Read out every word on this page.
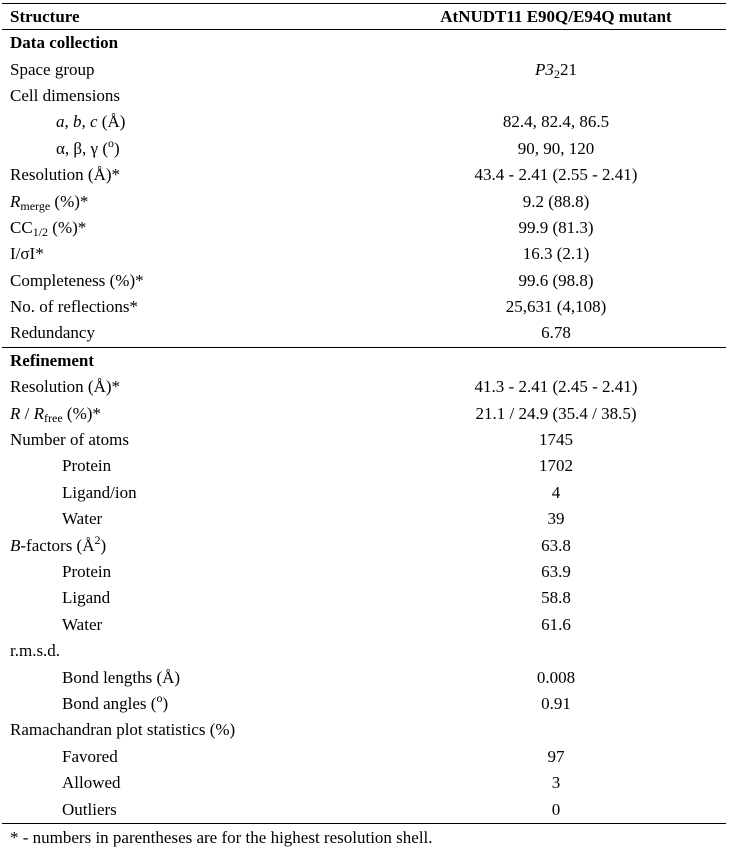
Structure	AtNUDT11 E90Q/E94Q mutant
Data collection	
Space group	$P3_221$
Cell dimensions	
a, b, c (Å)	82.4, 82.4, 86.5
α, β, γ ($^o$)	90, 90, 120
Resolution (Å)*	43.4 - 2.41 (2.55 - 2.41)
$R_{merge}$ (%)*	9.2 (88.8)
$CC_{1/2}$ (%)*	99.9 (81.3)
I/σI*	16.3 (2.1)
Completeness (%)*	99.6 (98.8)
No. of reflections*	25,631 (4,108)
Redundancy	6.78
Refinement	
Resolution (Å)*	41.3 - 2.41 (2.45 - 2.41)
R / $R_{free}$ (%)*	21.1 / 24.9 (35.4 / 38.5)
Number of atoms	1745
Protein	1702
Ligand/ion	4
Water	39
B-factors $(Å^2)$	63.8
Protein	63.9
Ligand	58.8
Water	61.6
r.m.s.d.	
Bond lengths (Å)	0.008
Bond angles ($^o$)	0.91
Ramachandran plot statistics (%)	
Favored	97
Allowed	3
Outliers	0
* - numbers in parentheses are for the highest resolution shell.
